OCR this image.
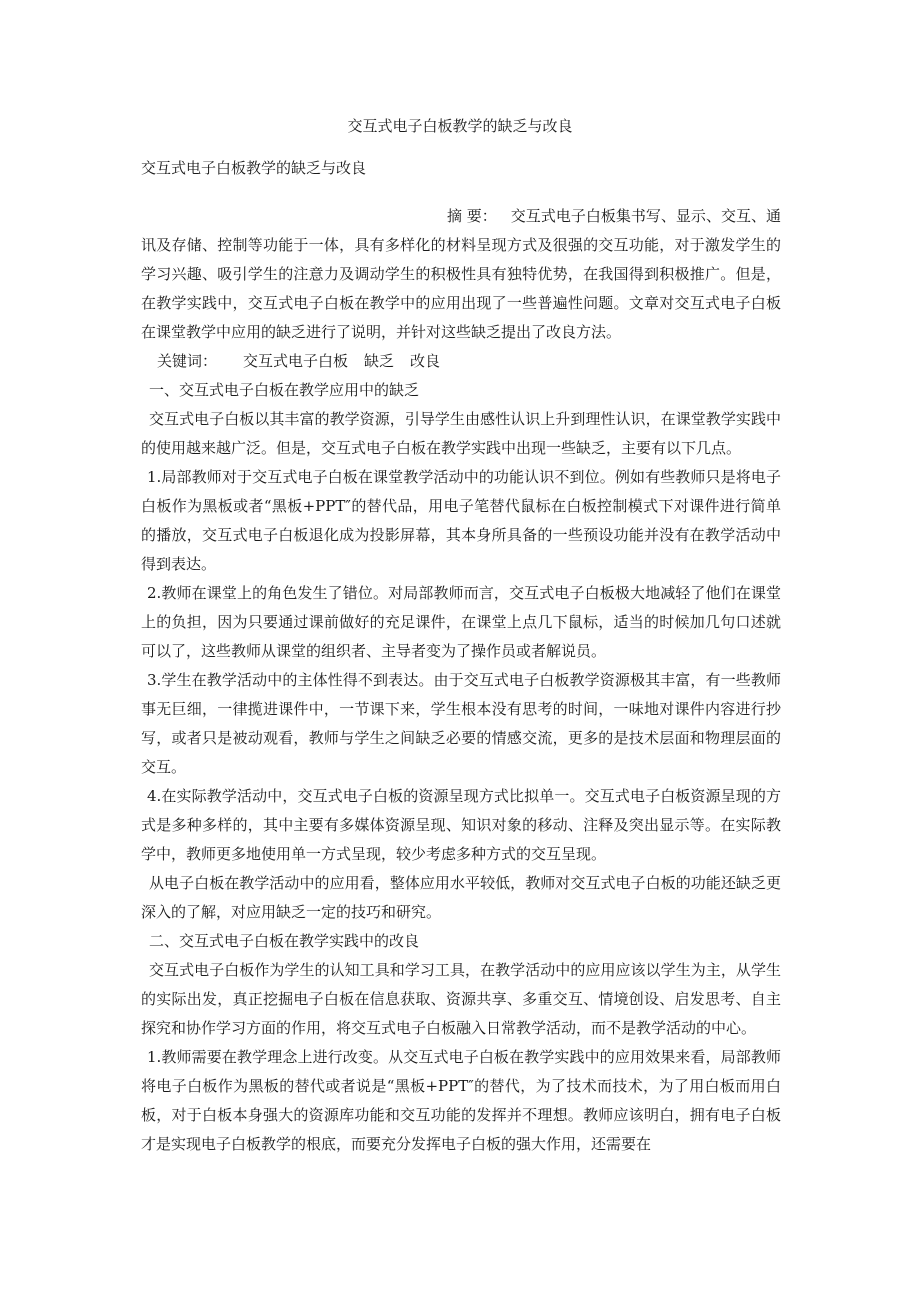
交互式电子白板教学的缺乏与改良

交互式电子白板教学的缺乏与改良

摘 要： 交互式电子白板集书写、显示、交互、通讯及存储、控制等功能于一体，具有多样化的材料呈现方式及很强的交互功能，对于激发学生的学习兴趣、吸引学生的注意力及调动学生的积极性具有独特优势，在我国得到积极推广。但是，在教学实践中，交互式电子白板在教学中的应用出现了一些普遍性问题。文章对交互式电子白板在课堂教学中应用的缺乏进行了说明，并针对这些缺乏提出了改良方法。

关键词： 交互式电子白板 缺乏 改良

一、交互式电子白板在教学应用中的缺乏

交互式电子白板以其丰富的教学资源，引导学生由感性认识上升到理性认识，在课堂教学实践中的使用越来越广泛。但是，交互式电子白板在教学实践中出现一些缺乏，主要有以下几点。

1.局部教师对于交互式电子白板在课堂教学活动中的功能认识不到位。例如有些教师只是将电子白板作为黑板或者“黑板+PPT″的替代品，用电子笔替代鼠标在白板控制模式下对课件进行简单的播放，交互式电子白板退化成为投影屏幕，其本身所具备的一些预设功能并没有在教学活动中得到表达。

2.教师在课堂上的角色发生了错位。对局部教师而言，交互式电子白板极大地减轻了他们在课堂上的负担，因为只要通过课前做好的充足课件，在课堂上点几下鼠标，适当的时候加几句口述就可以了，这些教师从课堂的组织者、主导者变为了操作员或者解说员。

3.学生在教学活动中的主体性得不到表达。由于交互式电子白板教学资源极其丰富，有一些教师事无巨细，一律揽进课件中，一节课下来，学生根本没有思考的时间，一味地对课件内容进行抄写，或者只是被动观看，教师与学生之间缺乏必要的情感交流，更多的是技术层面和物理层面的交互。

4.在实际教学活动中，交互式电子白板的资源呈现方式比拟单一。交互式电子白板资源呈现的方式是多种多样的，其中主要有多媒体资源呈现、知识对象的移动、注释及突出显示等。在实际教学中，教师更多地使用单一方式呈现，较少考虑多种方式的交互呈现。

从电子白板在教学活动中的应用看，整体应用水平较低，教师对交互式电子白板的功能还缺乏更深入的了解，对应用缺乏一定的技巧和研究。

二、交互式电子白板在教学实践中的改良

交互式电子白板作为学生的认知工具和学习工具，在教学活动中的应用应该以学生为主，从学生的实际出发，真正挖掘电子白板在信息获取、资源共享、多重交互、情境创设、启发思考、自主探究和协作学习方面的作用，将交互式电子白板融入日常教学活动，而不是教学活动的中心。

1.教师需要在教学理念上进行改变。从交互式电子白板在教学实践中的应用效果来看，局部教师将电子白板作为黑板的替代或者说是“黑板+PPT″的替代，为了技术而技术，为了用白板而用白板，对于白板本身强大的资源库功能和交互功能的发挥并不理想。教师应该明白，拥有电子白板才是实现电子白板教学的根底，而要充分发挥电子白板的强大作用，还需要在
